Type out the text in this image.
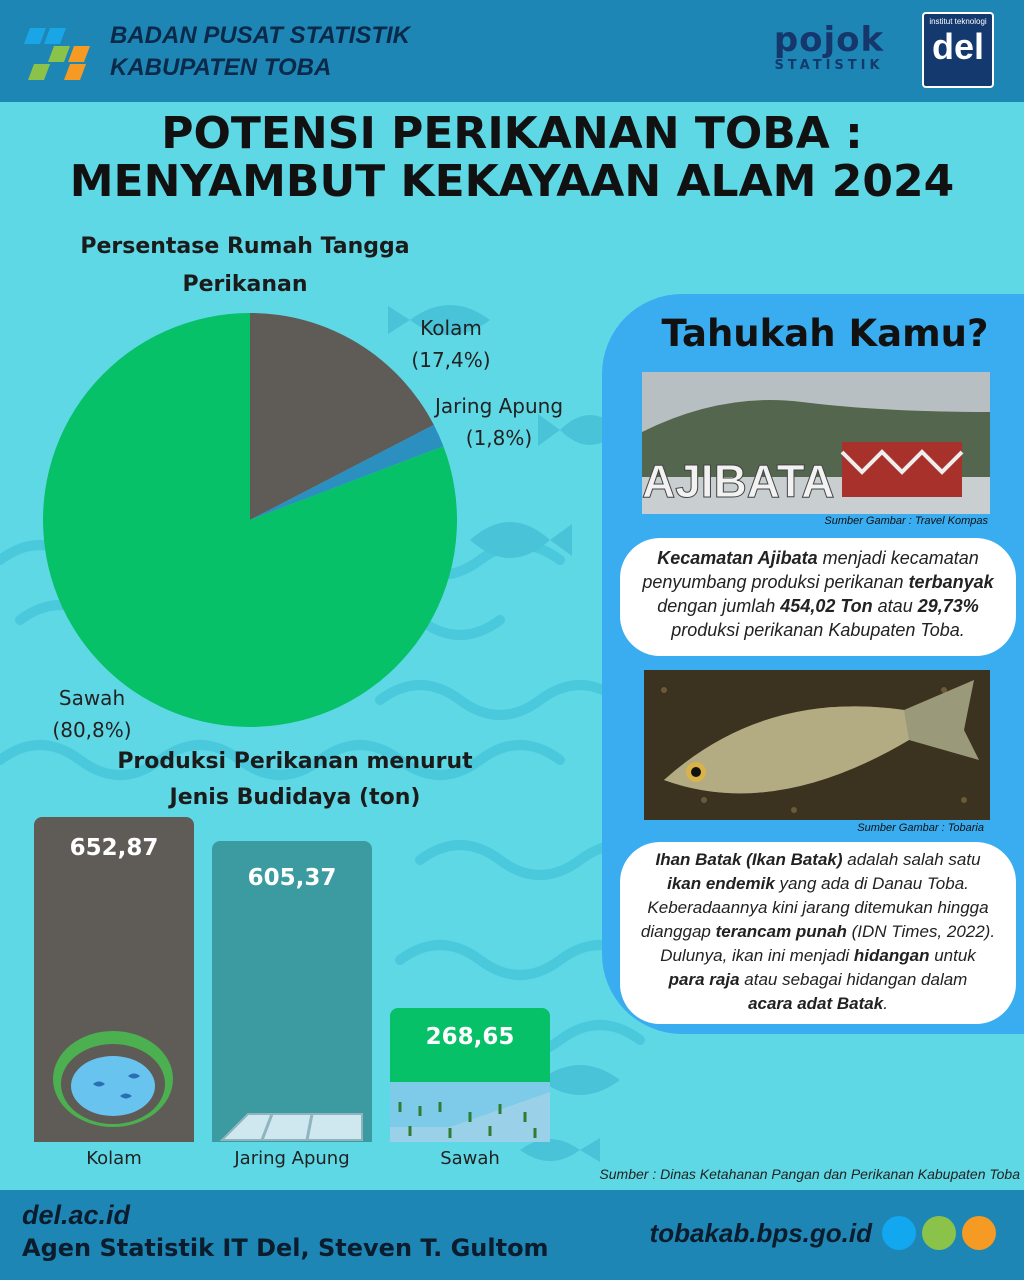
BADAN PUSAT STATISTIK
KABUPATEN TOBA
pojok
STATISTIK
institut teknologi
del
POTENSI PERIKANAN TOBA :
MENYAMBUT KEKAYAAN ALAM 2024
Persentase Rumah Tangga
Perikanan
Kolam
(17,4%)
Jaring Apung
(1,8%)
Sawah
(80,8%)
Produksi Perikanan menurut
Jenis Budidaya (ton)
652,87
605,37
268,65
Kolam	Jaring Apung	Sawah
Sumber : Dinas Ketahanan Pangan dan Perikanan Kabupaten Toba
Tahukah Kamu?
AJIBATA
Sumber Gambar : Travel Kompas
Kecamatan Ajibata menjadi kecamatan
penyumbang produksi perikanan terbanyak
dengan jumlah 454,02 Ton atau 29,73%
produksi perikanan Kabupaten Toba.
Sumber Gambar : Tobaria
Ihan Batak (Ikan Batak) adalah salah satu
ikan endemik yang ada di Danau Toba.
Keberadaannya kini jarang ditemukan hingga
dianggap terancam punah (IDN Times, 2022).
Dulunya, ikan ini menjadi hidangan untuk
para raja atau sebagai hidangan dalam
acara adat Batak.
del.ac.id
Agen Statistik IT Del, Steven T. Gultom	tobakab.bps.go.id
